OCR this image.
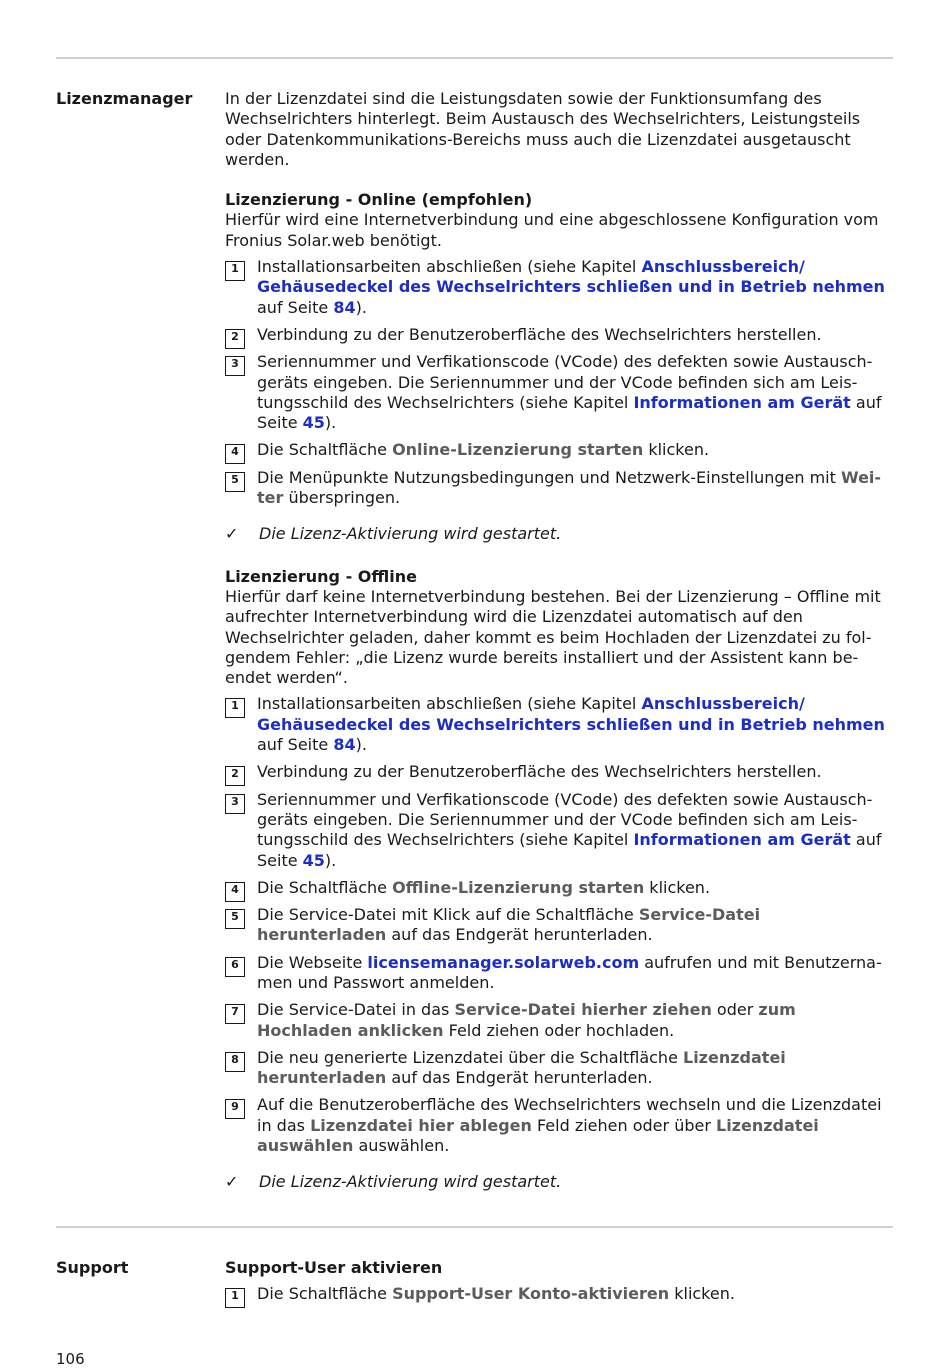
Lizenzmanager In der Lizenzdatei sind die Leistungsdaten sowie der Funktionsumfang des Wechselrichters hinterlegt. Beim Austausch des Wechselrichters, Leistungsteils oder Datenkommunikations-Bereichs muss auch die Lizenzdatei ausgetauscht werden.

Lizenzierung - Online (empfohlen)

Hierfür wird eine Internetverbindung und eine abgeschlossene Konfiguration vom Fronius Solar.web benötigt.

1	Installationsarbeiten abschließen (siehe Kapitel Anschlussbereich/ Gehäusedeckel des Wechselrichters schließen und in Betrieb nehmen auf Seite 84).
2	Verbindung zu der Benutzeroberfläche des Wechselrichters herstellen.
3	Seriennummer und Verfikationscode (VCode) des defekten sowie Austauschgeräts eingeben. Die Seriennummer und der VCode befinden sich am Leistungsschild des Wechselrichters (siehe Kapitel Informationen am Gerät auf Seite 45).
4	Die Schaltfläche Online-Lizenzierung starten klicken.
5	Die Menüpunkte Nutzungsbedingungen und Netzwerk-Einstellungen mit Weiter überspringen.

✓ Die Lizenz-Aktivierung wird gestartet.

Lizenzierung - Offline

Hierfür darf keine Internetverbindung bestehen. Bei der Lizenzierung – Offline mit aufrechter Internetverbindung wird die Lizenzdatei automatisch auf den Wechselrichter geladen, daher kommt es beim Hochladen der Lizenzdatei zu folgendem Fehler: „die Lizenz wurde bereits installiert und der Assistent kann beendet werden“.

1	Installationsarbeiten abschließen (siehe Kapitel Anschlussbereich/ Gehäusedeckel des Wechselrichters schließen und in Betrieb nehmen auf Seite 84).
2	Verbindung zu der Benutzeroberfläche des Wechselrichters herstellen.
3	Seriennummer und Verfikationscode (VCode) des defekten sowie Austauschgeräts eingeben. Die Seriennummer und der VCode befinden sich am Leistungsschild des Wechselrichters (siehe Kapitel Informationen am Gerät auf Seite 45).
4	Die Schaltfläche Offline-Lizenzierung starten klicken.
5	Die Service-Datei mit Klick auf die Schaltfläche Service-Datei herunterladen auf das Endgerät herunterladen.
6	Die Webseite licensemanager.solarweb.com aufrufen und mit Benutzernamen und Passwort anmelden.
7	Die Service-Datei in das Service-Datei hierher ziehen oder zum Hochladen anklicken Feld ziehen oder hochladen.
8	Die neu generierte Lizenzdatei über die Schaltfläche Lizenzdatei herunterladen auf das Endgerät herunterladen.
9	Auf die Benutzeroberfläche des Wechselrichters wechseln und die Lizenzdatei in das Lizenzdatei hier ablegen Feld ziehen oder über Lizenzdatei auswählen auswählen.

✓ Die Lizenz-Aktivierung wird gestartet.

Support	Support-User aktivieren

1	Die Schaltfläche Support-User Konto-aktivieren klicken.
106
